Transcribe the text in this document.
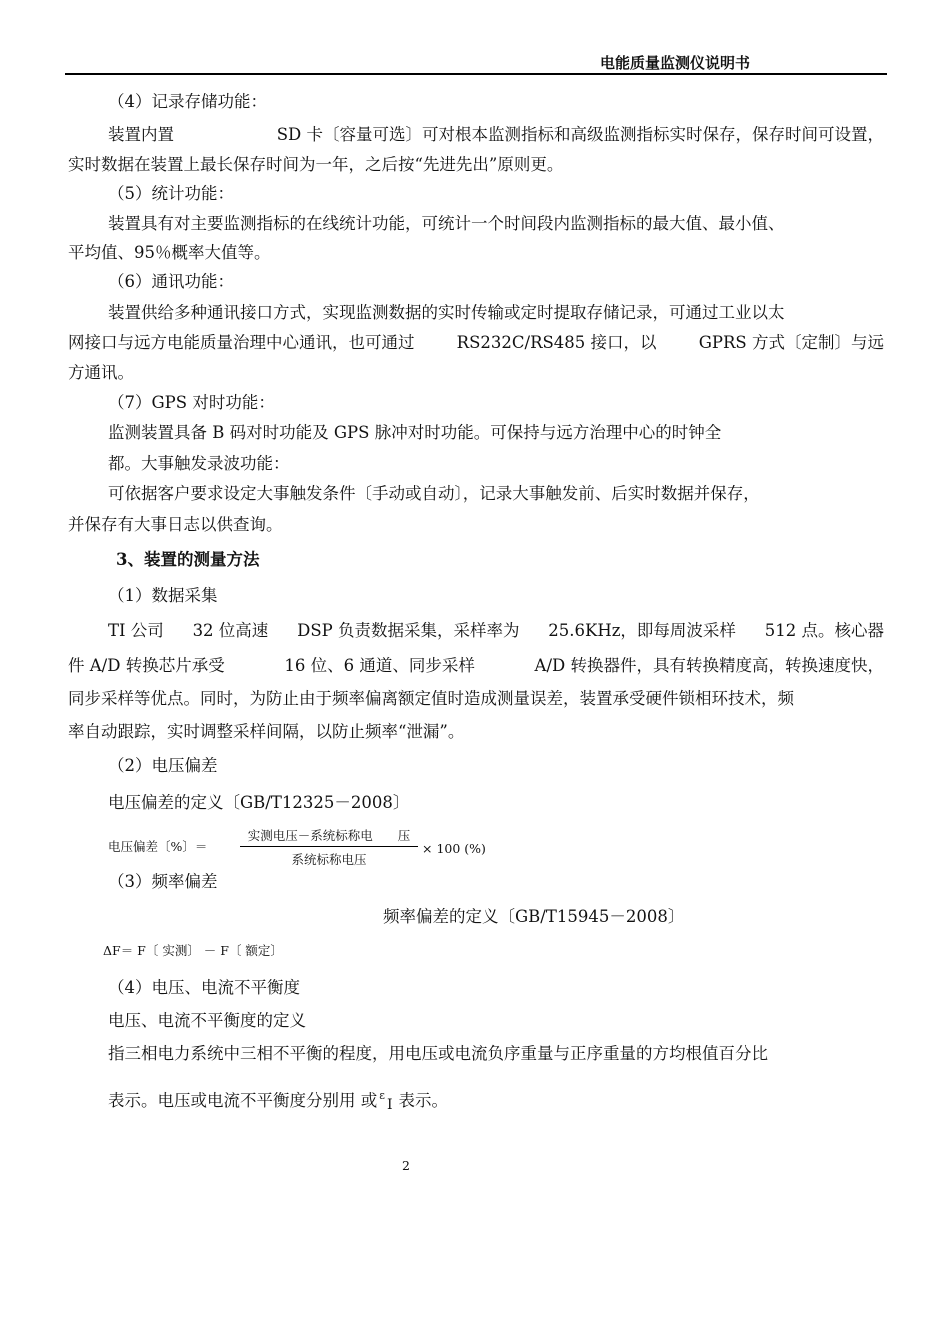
电能质量监测仪说明书
（4）记录存储功能：
装置内置	SD 卡〔容量可选〕可对根本监测指标和高级监测指标实时保存，保存时间可设置，
实时数据在装置上最长保存时间为一年，之后按“先进先出”原则更。
（5）统计功能：
装置具有对主要监测指标的在线统计功能，可统计一个时间段内监测指标的最大值、最小值、
平均值、95％概率大值等。
（6）通讯功能：
装置供给多种通讯接口方式，实现监测数据的实时传输或定时提取存储记录，可通过工业以太
网接口与远方电能质量治理中心通讯，也可通过	RS232C/RS485 接口，以	GPRS 方式〔定制〕与远
方通讯。
（7）GPS 对时功能：
监测装置具备 B 码对时功能及 GPS 脉冲对时功能。可保持与远方治理中心的时钟全
都。大事触发录波功能：
可依据客户要求设定大事触发条件〔手动或自动〕，记录大事触发前、后实时数据并保存，
并保存有大事日志以供查询。
3、装置的测量方法
（1）数据采集
TI 公司 32 位高速 DSP 负责数据采集，采样率为 25.6KHz，即每周波采样 512 点。核心器
件 A/D 转换芯片承受	16 位、6 通道、同步采样	A/D 转换器件，具有转换精度高，转换速度快，
同步采样等优点。同时，为防止由于频率偏离额定值时造成测量误差，装置承受硬件锁相环技术，频
率自动跟踪，实时调整采样间隔，以防止频率“泄漏”。
（2）电压偏差
电压偏差的定义〔GB/T12325－2008〕
电压偏差〔%〕＝
实测电压－系统标称电　　压
系统标称电压
× 100 (%)
（3）频率偏差
频率偏差的定义〔GB/T15945－2008〕
ΔF＝ F〔 实测〕 － F〔 额定〕
（4）电压、电流不平衡度
电压、电流不平衡度的定义
指三相电力系统中三相不平衡的程度，用电压或电流负序重量与正序重量的方均根值百分比
表示。电压或电流不平衡度分别用 或 $^\varepsilon$I 表示。
2
